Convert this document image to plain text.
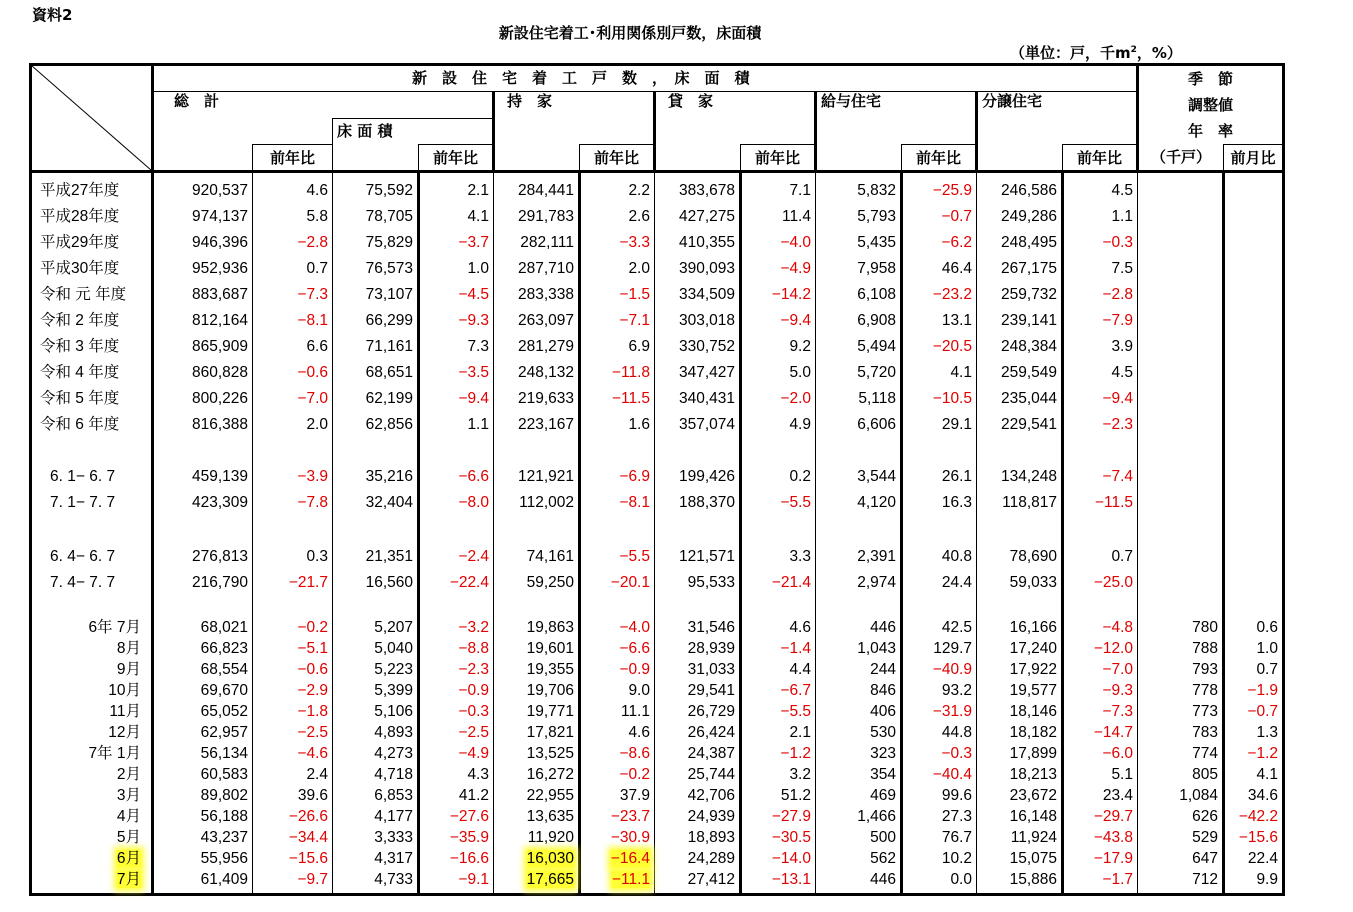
資料2
新設住宅着工･利用関係別戸数，床面積
（単位：戸，千$m^2$，%）
	新　設　住　宅　着　工　戸　数　，　床　面　積												季　節	
	総　計				持　家		貸　家		給与住宅		分譲住宅		調整値	
			床 面 積										年　率	
		前年比		前年比		前年比		前年比		前年比		前年比	（千戸）	前月比

平成27年度	920,537	4.6	75,592	2.1	284,441	2.2	383,678	7.1	5,832	−25.9	246,586	4.5		
平成28年度	974,137	5.8	78,705	4.1	291,783	2.6	427,275	11.4	5,793	−0.7	249,286	1.1		
平成29年度	946,396	−2.8	75,829	−3.7	282,111	−3.3	410,355	−4.0	5,435	−6.2	248,495	−0.3		
平成30年度	952,936	0.7	76,573	1.0	287,710	2.0	390,093	−4.9	7,958	46.4	267,175	7.5		
令和 元 年度	883,687	−7.3	73,107	−4.5	283,338	−1.5	334,509	−14.2	6,108	−23.2	259,732	−2.8		
令和 2 年度	812,164	−8.1	66,299	−9.3	263,097	−7.1	303,018	−9.4	6,908	13.1	239,141	−7.9		
令和 3 年度	865,909	6.6	71,161	7.3	281,279	6.9	330,752	9.2	5,494	−20.5	248,384	3.9		
令和 4 年度	860,828	−0.6	68,651	−3.5	248,132	−11.8	347,427	5.0	5,720	4.1	259,549	4.5		
令和 5 年度	800,226	−7.0	62,199	−9.4	219,633	−11.5	340,431	−2.0	5,118	−10.5	235,044	−9.4		
令和 6 年度	816,388	2.0	62,856	1.1	223,167	1.6	357,074	4.9	6,606	29.1	229,541	−2.3		

6. 1− 6. 7	459,139	−3.9	35,216	−6.6	121,921	−6.9	199,426	0.2	3,544	26.1	134,248	−7.4		
7. 1− 7. 7	423,309	−7.8	32,404	−8.0	112,002	−8.1	188,370	−5.5	4,120	16.3	118,817	−11.5		

6. 4− 6. 7	276,813	0.3	21,351	−2.4	74,161	−5.5	121,571	3.3	2,391	40.8	78,690	0.7		
7. 4− 7. 7	216,790	−21.7	16,560	−22.4	59,250	−20.1	95,533	−21.4	2,974	24.4	59,033	−25.0		

6年 7月	68,021	−0.2	5,207	−3.2	19,863	−4.0	31,546	4.6	446	42.5	16,166	−4.8	780	0.6
8月	66,823	−5.1	5,040	−8.8	19,601	−6.6	28,939	−1.4	1,043	129.7	17,240	−12.0	788	1.0
9月	68,554	−0.6	5,223	−2.3	19,355	−0.9	31,033	4.4	244	−40.9	17,922	−7.0	793	0.7
10月	69,670	−2.9	5,399	−0.9	19,706	9.0	29,541	−6.7	846	93.2	19,577	−9.3	778	−1.9
11月	65,052	−1.8	5,106	−0.3	19,771	11.1	26,729	−5.5	406	−31.9	18,146	−7.3	773	−0.7
12月	62,957	−2.5	4,893	−2.5	17,821	4.6	26,424	2.1	530	44.8	18,182	−14.7	783	1.3
7年 1月	56,134	−4.6	4,273	−4.9	13,525	−8.6	24,387	−1.2	323	−0.3	17,899	−6.0	774	−1.2
2月	60,583	2.4	4,718	4.3	16,272	−0.2	25,744	3.2	354	−40.4	18,213	5.1	805	4.1
3月	89,802	39.6	6,853	41.2	22,955	37.9	42,706	51.2	469	99.6	23,672	23.4	1,084	34.6
4月	56,188	−26.6	4,177	−27.6	13,635	−23.7	24,939	−27.9	1,466	27.3	16,148	−29.7	626	−42.2
5月	43,237	−34.4	3,333	−35.9	11,920	−30.9	18,893	−30.5	500	76.7	11,924	−43.8	529	−15.6
6月	55,956	−15.6	4,317	−16.6	16,030	−16.4	24,289	−14.0	562	10.2	15,075	−17.9	647	22.4
7月	61,409	−9.7	4,733	−9.1	17,665	−11.1	27,412	−13.1	446	0.0	15,886	−1.7	712	9.9
